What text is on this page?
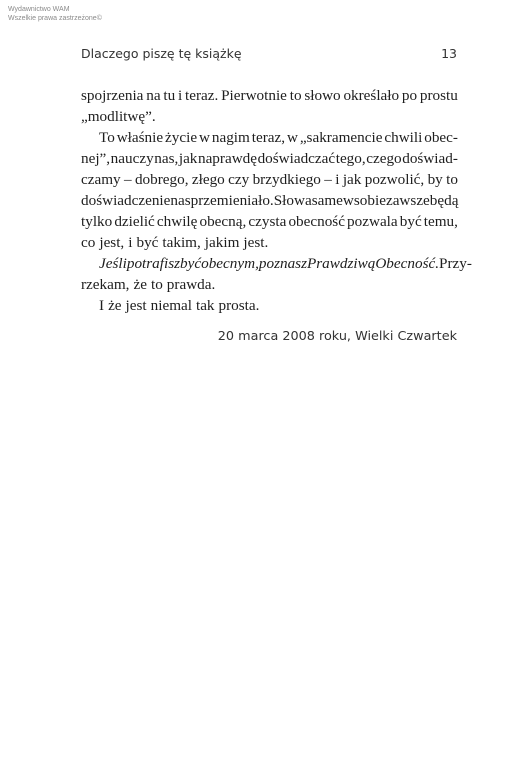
Wydawnictwo WAM
Wszelkie prawa zastrzeżone©
Dlaczego piszę tę książkę	13
spojrzenia na tu i teraz. Pierwotnie to słowo określało po prostu
„modlitwę”.
To właśnie życie w nagim teraz, w „sakramencie chwili obec-
nej”, nauczy nas, jak naprawdę doświadczać tego, czego doświad-
czamy – dobrego, złego czy brzydkiego – i jak pozwolić, by to
doświadczenie nas przemieniało. Słowa same w sobie zawsze będą
tylko dzielić chwilę obecną, czysta obecność pozwala być temu,
co jest, i być takim, jakim jest.
Jeśli potrafisz być obecnym, poznasz Prawdziwą Obecność. Przy-
rzekam, że to prawda.
I że jest niemal tak prosta.
20 marca 2008 roku, Wielki Czwartek
